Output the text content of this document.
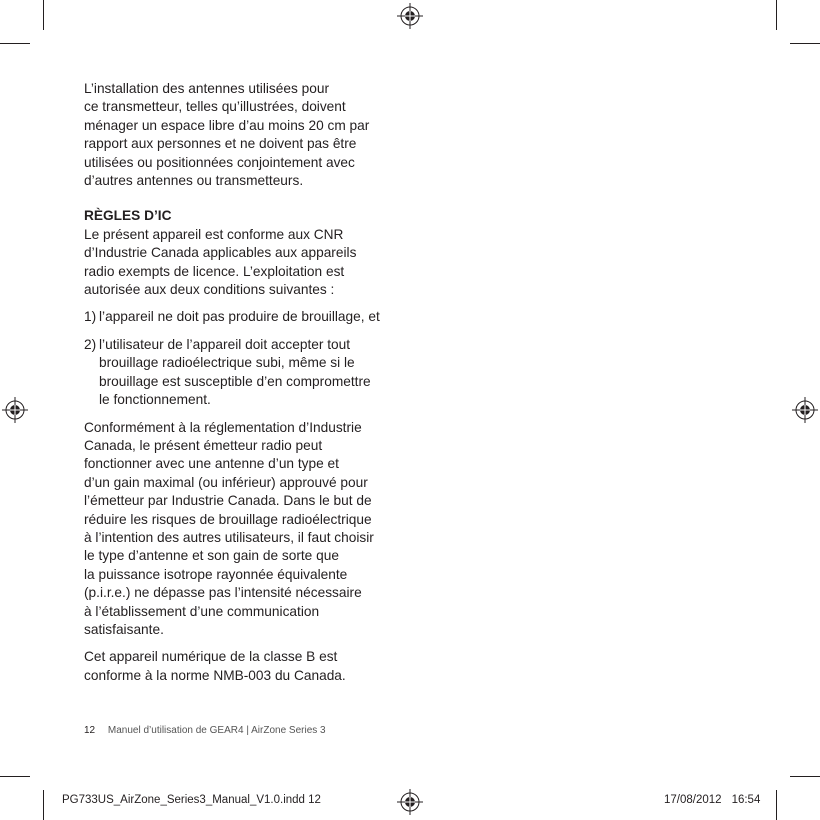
L’installation des antennes utilisées pour
ce transmetteur, telles qu’illustrées, doivent
ménager un espace libre d’au moins 20 cm par
rapport aux personnes et ne doivent pas être
utilisées ou positionnées conjointement avec
d’autres antennes ou transmetteurs.

RÈGLES D’IC

Le présent appareil est conforme aux CNR
d’Industrie Canada applicables aux appareils
radio exempts de licence. L’exploitation est
autorisée aux deux conditions suivantes :

1) l’appareil ne doit pas produire de brouillage, et
2) l’utilisateur de l’appareil doit accepter tout
brouillage radioélectrique subi, même si le
brouillage est susceptible d’en compromettre
le fonctionnement.

Conformément à la réglementation d’Industrie
Canada, le présent émetteur radio peut
fonctionner avec une antenne d’un type et
d’un gain maximal (ou inférieur) approuvé pour
l’émetteur par Industrie Canada. Dans le but de
réduire les risques de brouillage radioélectrique
à l’intention des autres utilisateurs, il faut choisir
le type d’antenne et son gain de sorte que
la puissance isotrope rayonnée équivalente
(p.i.r.e.) ne dépasse pas l’intensité nécessaire
à l’établissement d’une communication
satisfaisante.

Cet appareil numérique de la classe B est
conforme à la norme NMB-003 du Canada.

12 Manuel d’utilisation de GEAR4 | AirZone Series 3
PG733US_AirZone_Series3_Manual_V1.0.indd 12	17/08/2012 16:54
